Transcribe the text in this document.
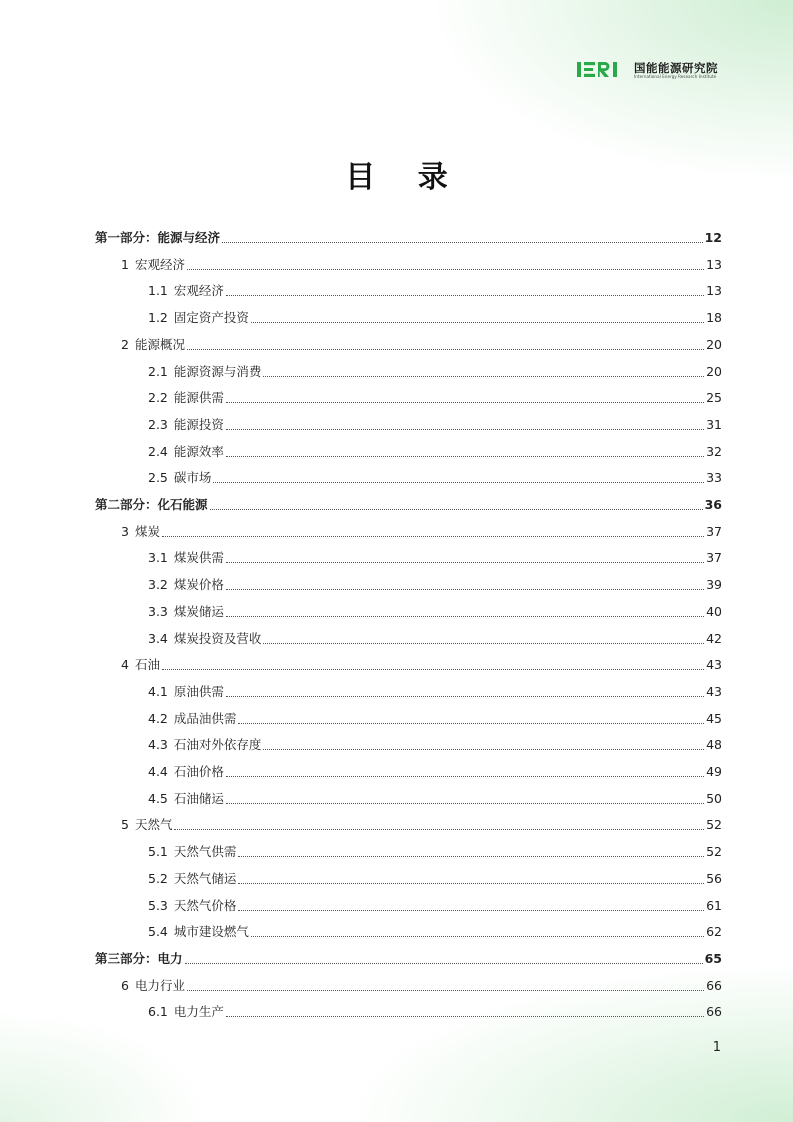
国能能源研究院
International Energy Research Institute
目 录
第一部分：能源与经济	12
1 宏观经济	13
1.1 宏观经济	13
1.2 固定资产投资	18
2 能源概况	20
2.1 能源资源与消费	20
2.2 能源供需	25
2.3 能源投资	31
2.4 能源效率	32
2.5 碳市场	33
第二部分：化石能源	36
3 煤炭	37
3.1 煤炭供需	37
3.2 煤炭价格	39
3.3 煤炭储运	40
3.4 煤炭投资及营收	42
4 石油	43
4.1 原油供需	43
4.2 成品油供需	45
4.3 石油对外依存度	48
4.4 石油价格	49
4.5 石油储运	50
5 天然气	52
5.1 天然气供需	52
5.2 天然气储运	56
5.3 天然气价格	61
5.4 城市建设燃气	62
第三部分：电力	65
6 电力行业	66
6.1 电力生产	66
1
